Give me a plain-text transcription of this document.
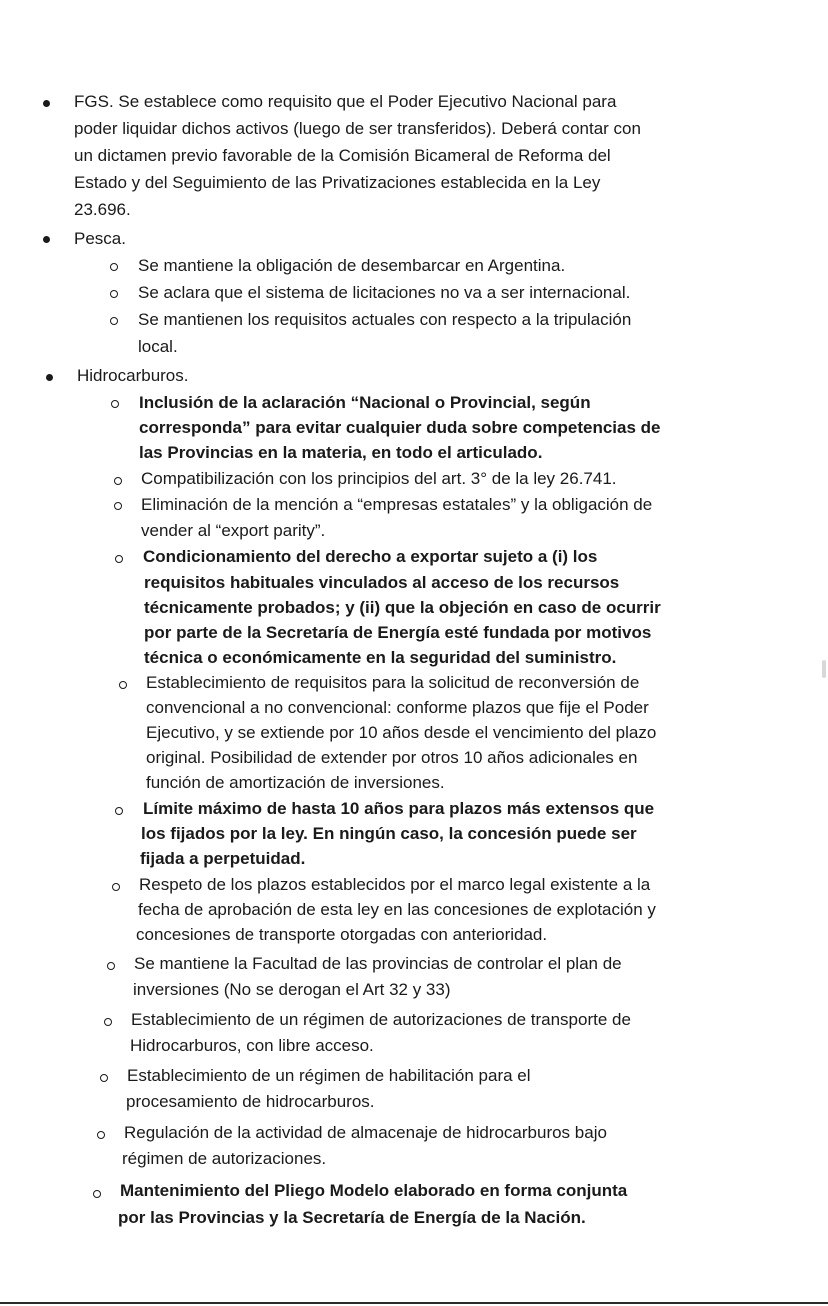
FGS. Se establece como requisito que el Poder Ejecutivo Nacional para
poder liquidar dichos activos (luego de ser transferidos). Deberá contar con
un dictamen previo favorable de la Comisión Bicameral de Reforma del
Estado y del Seguimiento de las Privatizaciones establecida en la Ley
23.696.
Pesca.
Se mantiene la obligación de desembarcar en Argentina.
Se aclara que el sistema de licitaciones no va a ser internacional.
Se mantienen los requisitos actuales con respecto a la tripulación
local.
Hidrocarburos.
Inclusión de la aclaración “Nacional o Provincial, según
corresponda” para evitar cualquier duda sobre competencias de
las Provincias en la materia, en todo el articulado.
Compatibilización con los principios del art. 3° de la ley 26.741.
Eliminación de la mención a “empresas estatales” y la obligación de
vender al “export parity”.
Condicionamiento del derecho a exportar sujeto a (i) los
requisitos habituales vinculados al acceso de los recursos
técnicamente probados; y (ii) que la objeción en caso de ocurrir
por parte de la Secretaría de Energía esté fundada por motivos
técnica o económicamente en la seguridad del suministro.
Establecimiento de requisitos para la solicitud de reconversión de
convencional a no convencional: conforme plazos que fije el Poder
Ejecutivo, y se extiende por 10 años desde el vencimiento del plazo
original. Posibilidad de extender por otros 10 años adicionales en
función de amortización de inversiones.
Límite máximo de hasta 10 años para plazos más extensos que
los fijados por la ley. En ningún caso, la concesión puede ser
fijada a perpetuidad.
Respeto de los plazos establecidos por el marco legal existente a la
fecha de aprobación de esta ley en las concesiones de explotación y
concesiones de transporte otorgadas con anterioridad.
Se mantiene la Facultad de las provincias de controlar el plan de
inversiones (No se derogan el Art 32 y 33)
Establecimiento de un régimen de autorizaciones de transporte de
Hidrocarburos, con libre acceso.
Establecimiento de un régimen de habilitación para el
procesamiento de hidrocarburos.
Regulación de la actividad de almacenaje de hidrocarburos bajo
régimen de autorizaciones.
Mantenimiento del Pliego Modelo elaborado en forma conjunta
por las Provincias y la Secretaría de Energía de la Nación.
